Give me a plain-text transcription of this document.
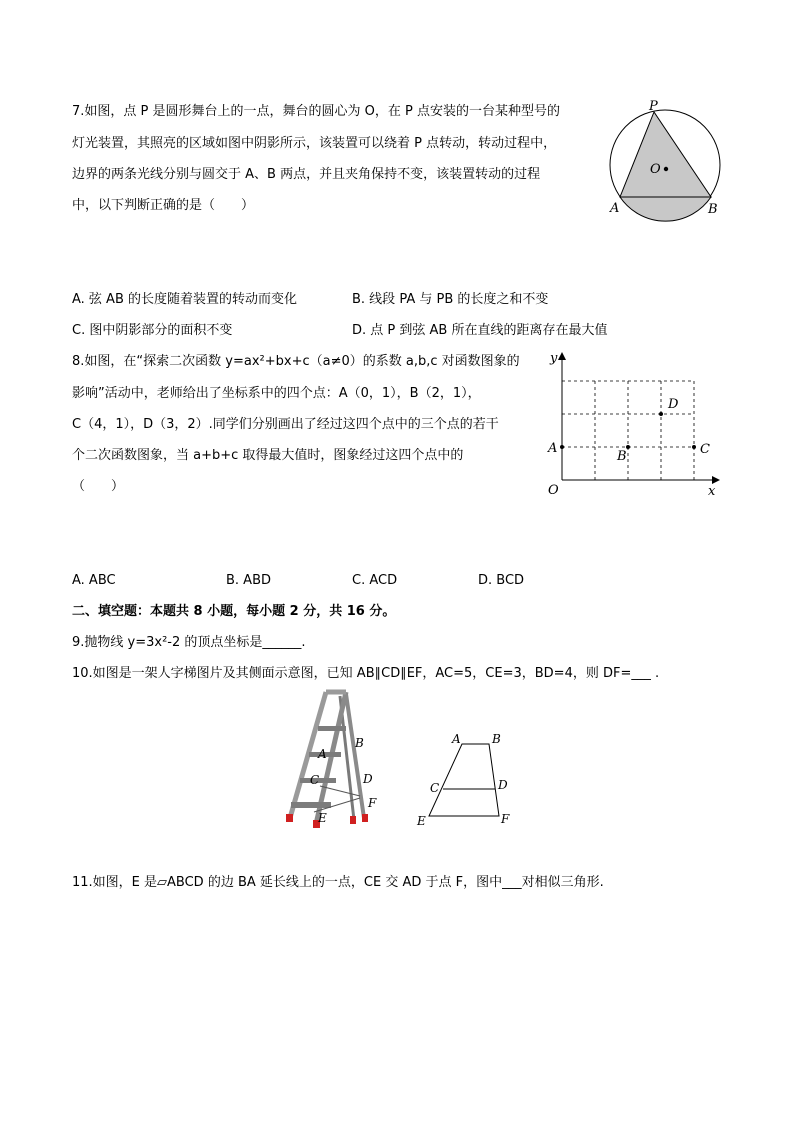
7.如图，点 P 是圆形舞台上的一点，舞台的圆心为 O，在 P 点安装的一台某种型号的
灯光装置，其照亮的区域如图中阴影所示，该装置可以绕着 P 点转动，转动过程中，
边界的两条光线分别与圆交于 A、B 两点，并且夹角保持不变，该装置转动的过程
中，以下判断正确的是（　　）
P
O
A	B
A. 弦 AB 的长度随着装置的转动而变化	B. 线段 PA 与 PB 的长度之和不变
C. 图中阴影部分的面积不变	D. 点 P 到弦 AB 所在直线的距离存在最大值
8.如图，在“探索二次函数 y=ax²+bx+c（a≠0）的系数 a,b,c 对函数图象的
影响”活动中，老师给出了坐标系中的四个点：A（0，1），B（2，1），
C（4，1），D（3，2）.同学们分别画出了经过这四个点中的三个点的若干
个二次函数图象，当 a+b+c 取得最大值时，图象经过这四个点中的
（　　）
y
x
O
A
B	C
D
A. ABC	B. ABD	C. ACD	D. BCD
二、填空题：本题共 8 小题，每小题 2 分，共 16 分。
9.抛物线 y=3x²-2 的顶点坐标是______.
10.如图是一架人字梯图片及其侧面示意图，已知 AB∥CD∥EF，AC=5，CE=3，BD=4，则 DF=___ .
B
A
C	D
F
E
A	B
C	D
E	F
11.如图，E 是▱ABCD 的边 BA 延长线上的一点，CE 交 AD 于点 F，图中___对相似三角形.
